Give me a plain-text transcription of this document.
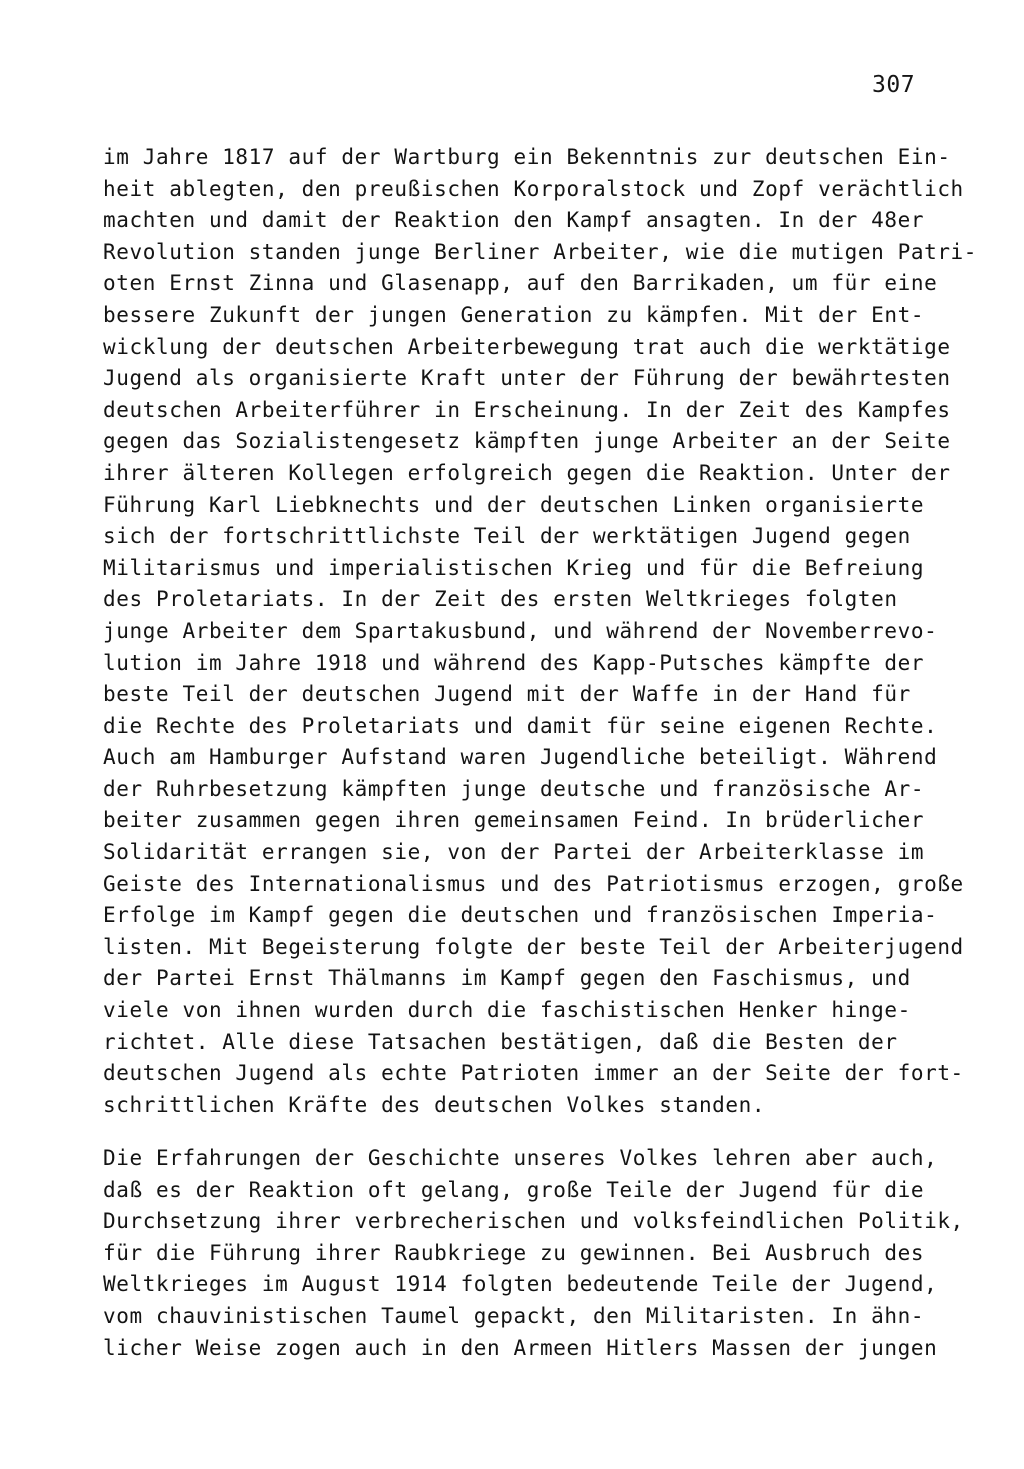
307
im Jahre 1817 auf der Wartburg ein Bekenntnis zur deutschen Ein-
heit ablegten, den preußischen Korporalstock und Zopf verächtlich
machten und damit der Reaktion den Kampf ansagten. In der 48er
Revolution standen junge Berliner Arbeiter, wie die mutigen Patri-
oten Ernst Zinna und Glasenapp, auf den Barrikaden, um für eine
bessere Zukunft der jungen Generation zu kämpfen. Mit der Ent-
wicklung der deutschen Arbeiterbewegung trat auch die werktätige
Jugend als organisierte Kraft unter der Führung der bewährtesten
deutschen Arbeiterführer in Erscheinung. In der Zeit des Kampfes
gegen das Sozialistengesetz kämpften junge Arbeiter an der Seite
ihrer älteren Kollegen erfolgreich gegen die Reaktion. Unter der
Führung Karl Liebknechts und der deutschen Linken organisierte
sich der fortschrittlichste Teil der werktätigen Jugend gegen
Militarismus und imperialistischen Krieg und für die Befreiung
des Proletariats. In der Zeit des ersten Weltkrieges folgten
junge Arbeiter dem Spartakusbund, und während der Novemberrevo-
lution im Jahre 1918 und während des Kapp-Putsches kämpfte der
beste Teil der deutschen Jugend mit der Waffe in der Hand für
die Rechte des Proletariats und damit für seine eigenen Rechte.
Auch am Hamburger Aufstand waren Jugendliche beteiligt. Während
der Ruhrbesetzung kämpften junge deutsche und französische Ar-
beiter zusammen gegen ihren gemeinsamen Feind. In brüderlicher
Solidarität errangen sie, von der Partei der Arbeiterklasse im
Geiste des Internationalismus und des Patriotismus erzogen, große
Erfolge im Kampf gegen die deutschen und französischen Imperia-
listen. Mit Begeisterung folgte der beste Teil der Arbeiterjugend
der Partei Ernst Thälmanns im Kampf gegen den Faschismus, und
viele von ihnen wurden durch die faschistischen Henker hinge-
richtet. Alle diese Tatsachen bestätigen, daß die Besten der
deutschen Jugend als echte Patrioten immer an der Seite der fort-
schrittlichen Kräfte des deutschen Volkes standen.
Die Erfahrungen der Geschichte unseres Volkes lehren aber auch,
daß es der Reaktion oft gelang, große Teile der Jugend für die
Durchsetzung ihrer verbrecherischen und volksfeindlichen Politik,
für die Führung ihrer Raubkriege zu gewinnen. Bei Ausbruch des
Weltkrieges im August 1914 folgten bedeutende Teile der Jugend,
vom chauvinistischen Taumel gepackt, den Militaristen. In ähn-
licher Weise zogen auch in den Armeen Hitlers Massen der jungen
